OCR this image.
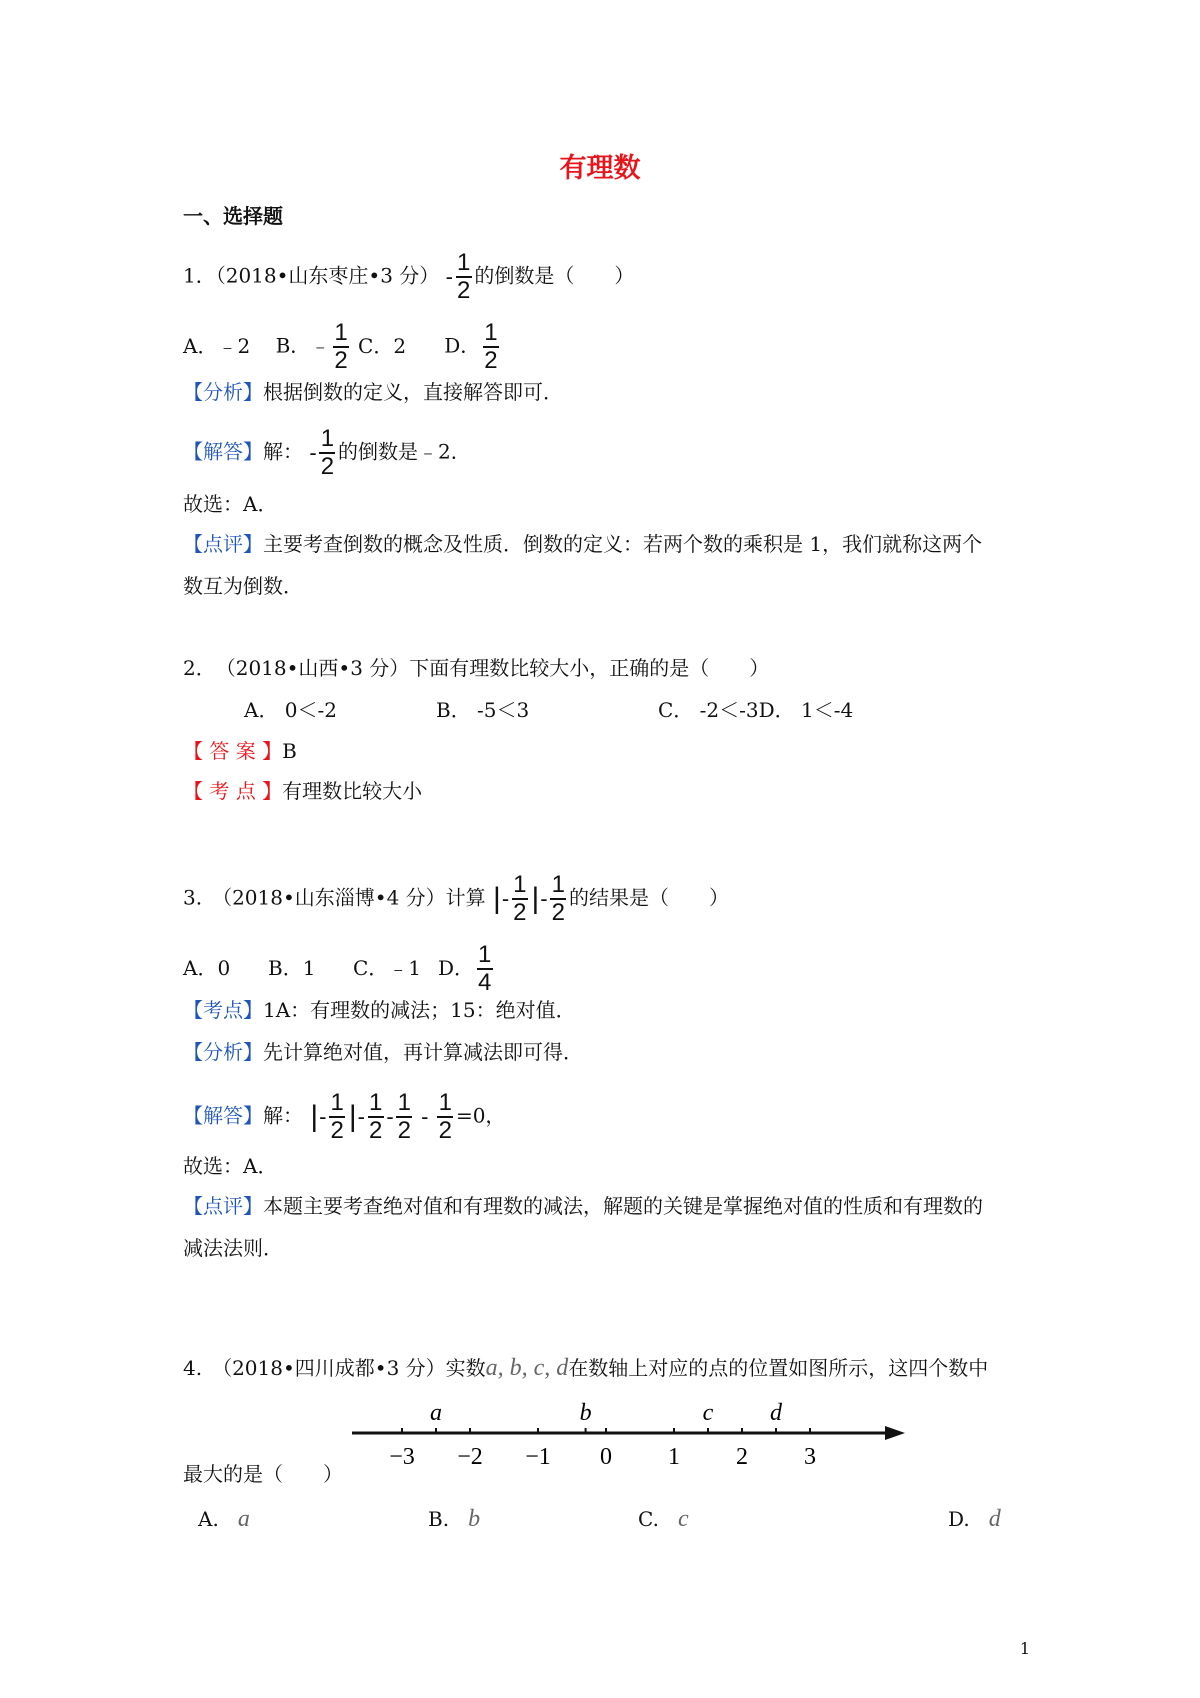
有理数
一、选择题
1．（2018•山东枣庄•3 分） - $\frac{1}{2}$ 的倒数是（　　）
A．﹣2 B．﹣ $\frac{1}{2}$ C．2 D． $\frac{1}{2}$
【分析】根据倒数的定义，直接解答即可．
【解答】解： - $\frac{1}{2}$ 的倒数是﹣2．
故选：A．
【点评】主要考查倒数的概念及性质．倒数的定义：若两个数的乘积是 1，我们就称这两个
数互为倒数．
2．　（2018•山西•3 分）下面有理数比较大小，正确的是（　　）
A． 0＜-2	B． -5＜3	C． -2＜-3D． 1＜-4
【 答 案 】B
【 考 点 】有理数比较大小
3.　（2018•山东淄博•4 分）计算 |- $\frac{1}{2}$ |- $\frac{1}{2}$ 的结果是（　　）
A．0 B．1 C．﹣1 D． $\frac{1}{4}$
【考点】1A：有理数的减法；15：绝对值．
【分析】先计算绝对值，再计算减法即可得．
【解答】解： |- $\frac{1}{2}$ |- $\frac{1}{2} - \frac{1}{2} - \frac{1}{2} =0$，
故选：A．
【点评】本题主要考查绝对值和有理数的减法，解题的关键是掌握绝对值的性质和有理数的
减法法则．
4.　（2018•四川成都•3 分）实数a, b, c, d在数轴上对应的点的位置如图所示，这四个数中
−3 −2 −1 0 1 2 3
a	b	c d
最大的是（　　）
A. a	B. b	C. c	D. d
1
